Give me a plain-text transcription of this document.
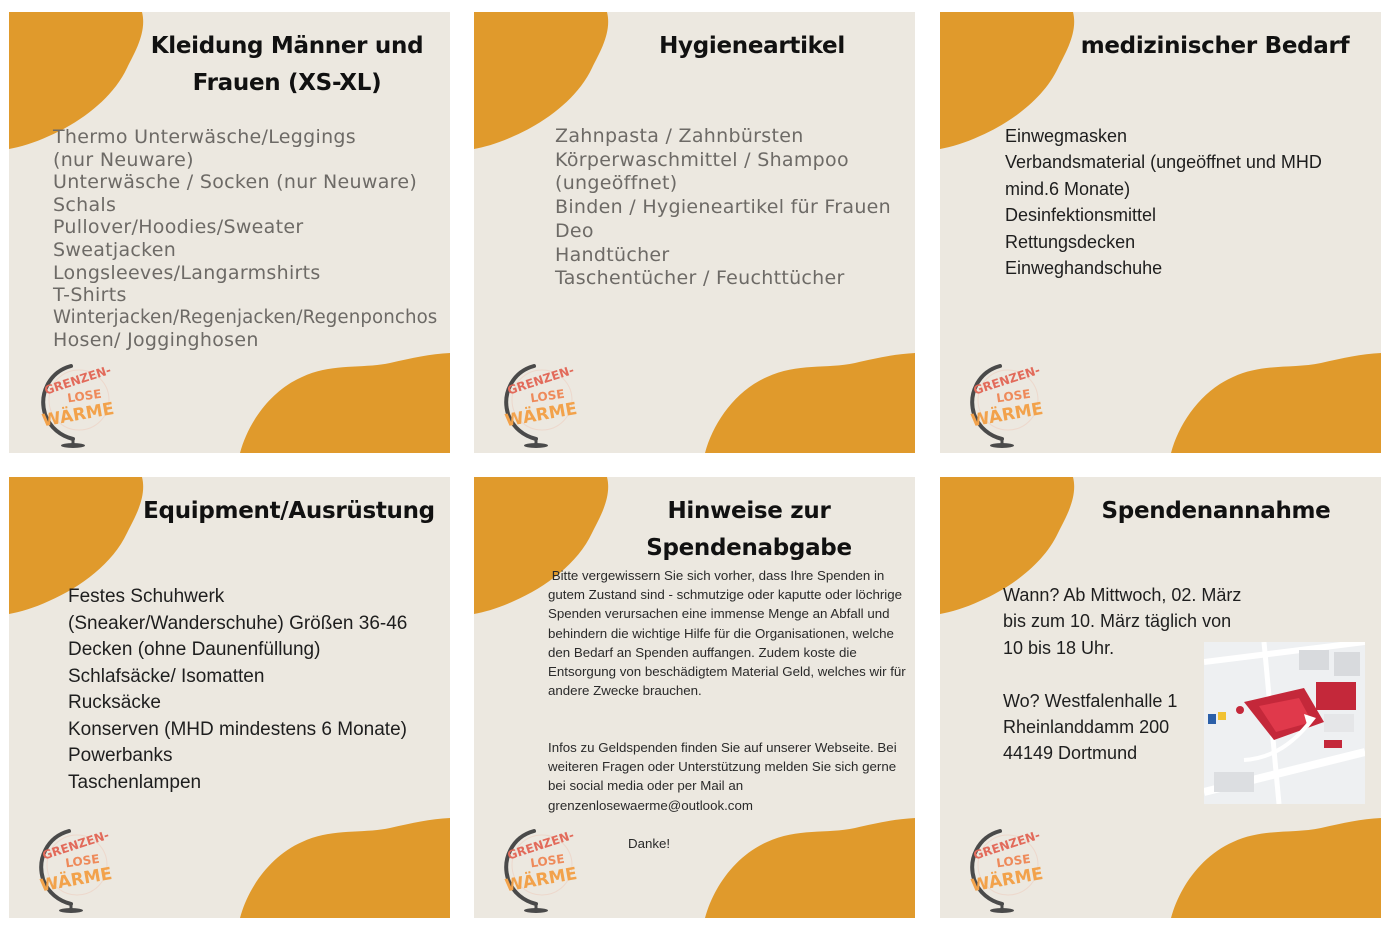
Kleidung Männer und Frauen (XS-XL)
Thermo Unterwäsche/Leggings (nur Neuware)
Unterwäsche / Socken (nur Neuware)
Schals
Pullover/Hoodies/Sweater
Sweatjacken
Longsleeves/Langarmshirts
T-Shirts
Winterjacken/Regenjacken/Regenponchos
Hosen/ Jogginghosen
Hygieneartikel
Zahnpasta / Zahnbürsten
Körperwaschmittel / Shampoo (ungeöffnet)
Binden / Hygieneartikel für Frauen
Deo
Handtücher
Taschentücher / Feuchttücher
medizinischer Bedarf
Einwegmasken
Verbandsmaterial (ungeöffnet und MHD mind.6 Monate)
Desinfektionsmittel
Rettungsdecken
Einweghandschuhe
Equipment/Ausrüstung
Festes Schuhwerk
(Sneaker/Wanderschuhe) Größen 36-46
Decken (ohne Daunenfüllung)
Schlafsäcke/ Isomatten
Rucksäcke
Konserven (MHD mindestens 6 Monate)
Powerbanks
Taschenlampen
Hinweise zur Spendenabgabe
Bitte vergewissern Sie sich vorher, dass Ihre Spenden in gutem Zustand sind - schmutzige oder kaputte oder löchrige Spenden verursachen eine immense Menge an Abfall und behindern die wichtige Hilfe für die Organisationen, welche den Bedarf an Spenden auffangen. Zudem koste die Entsorgung von beschädigtem Material Geld, welches wir für andere Zwecke brauchen.
Infos zu Geldspenden finden Sie auf unserer Webseite. Bei weiteren Fragen oder Unterstützung melden Sie sich gerne bei social media oder per Mail an grenzenlosewaerme@outlook.com
Danke!
Spendenannahme
Wann? Ab Mittwoch, 02. März
bis zum 10. März täglich von
10 bis 18 Uhr.
Wo? Westfalenhalle 1
Rheinlanddamm 200
44149 Dortmund
